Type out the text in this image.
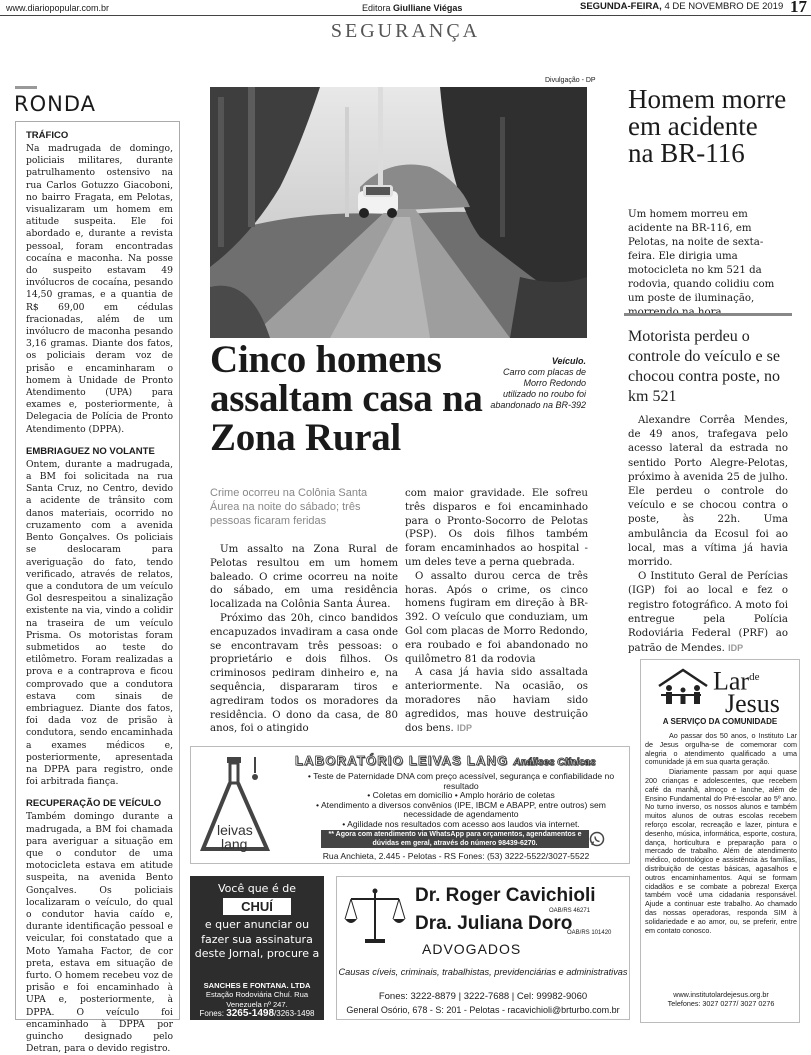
www.diariopopular.com.br	Editora Giulliane Viégas	SEGUNDA-FEIRA, 4 DE NOVEMBRO DE 2019 17
SEGURANÇA
RONDA
TRÁFICO
Na madrugada de domingo, policiais militares, durante patrulhamento ostensivo na rua Carlos Gotuzzo Giacoboni, no bairro Fragata, em Pelotas, visualizaram um homem em atitude suspeita. Ele foi abordado e, durante a revista pessoal, foram encontradas cocaína e maconha. Na posse do suspeito estavam 49 invólucros de cocaína, pesando 14,50 gramas, e a quantia de R$ 69,00 em cédulas fracionadas, além de um invólucro de maconha pesando 3,16 gramas. Diante dos fatos, os policiais deram voz de prisão e encaminharam o homem à Unidade de Pronto Atendimento (UPA) para exames e, posteriormente, à Delegacia de Polícia de Pronto Atendimento (DPPA).
EMBRIAGUEZ NO VOLANTE
Ontem, durante a madrugada, a BM foi solicitada na rua Santa Cruz, no Centro, devido a acidente de trânsito com danos materiais, ocorrido no cruzamento com a avenida Bento Gonçalves. Os policiais se deslocaram para averiguação do fato, tendo verificado, através de relatos, que a condutora de um veículo Gol desrespeitou a sinalização existente na via, vindo a colidir na traseira de um veículo Prisma. Os motoristas foram submetidos ao teste do etilômetro. Foram realizadas a prova e a contraprova e ficou comprovado que a condutora estava com sinais de embriaguez. Diante dos fatos, foi dada voz de prisão à condutora, sendo encaminhada a exames médicos e, posteriormente, apresentada na DPPA para registro, onde foi arbitrada fiança.
RECUPERAÇÃO DE VEÍCULO
Também domingo durante a madrugada, a BM foi chamada para averiguar a situação em que o condutor de uma motocicleta estava em atitude suspeita, na avenida Bento Gonçalves. Os policiais localizaram o veículo, do qual o condutor havia caído e, durante identificação pessoal e veicular, foi constatado que a Moto Yamaha Factor, de cor preta, estava em situação de furto. O homem recebeu voz de prisão e foi encaminhado à UPA e, posteriormente, à DPPA. O veículo foi encaminhado à DPPA por guincho designado pelo Detran, para o devido registro.
Divulgação - DP
Veículo.
Carro com placas de Morro Redondo utilizado no roubo foi abandonado na BR-392
Cinco homens assaltam casa na Zona Rural
Crime ocorreu na Colônia Santa Áurea na noite do sábado; três pessoas ficaram feridas

Um assalto na Zona Rural de Pelotas resultou em um homem baleado. O crime ocorreu na noite do sábado, em uma residência localizada na Colônia Santa Áurea.

Próximo das 20h, cinco bandidos encapuzados invadiram a casa onde se encontravam três pessoas: o proprietário e dois filhos. Os criminosos pediram dinheiro e, na sequência, dispararam tiros e agrediram todos os moradores da residência. O dono da casa, de 80 anos, foi o atingido

com maior gravidade. Ele sofreu três disparos e foi encaminhado para o Pronto-Socorro de Pelotas (PSP). Os dois filhos também foram encaminhados ao hospital - um deles teve a perna quebrada.

O assalto durou cerca de três horas. Após o crime, os cinco homens fugiram em direção à BR-392. O veículo que conduziam, um Gol com placas de Morro Redondo, era roubado e foi abandonado no quilômetro 81 da rodovia

A casa já havia sido assaltada anteriormente. Na ocasião, os moradores não haviam sido agredidos, mas houve destruição dos bens. IDP

Homem morre em acidente na BR-116
Um homem morreu em acidente na BR-116, em Pelotas, na noite de sexta-feira. Ele dirigia uma motocicleta no km 521 da rodovia, quando colidiu com um poste de iluminação,
Motorista perdeu o controle do veículo e se chocou contra poste, no km 521

Alexandre Corrêa Mendes, de 49 anos, trafegava pelo acesso lateral da estrada no sentido Porto Alegre-Pelotas, próximo à avenida 25 de julho. Ele perdeu o controle do veículo e se chocou contra o poste, às 22h. Uma ambulância da Ecosul foi ao local, mas a vítima já havia morrido.

O Instituto Geral de Perícias (IGP) foi ao local e fez o registro fotográfico. A moto foi entregue pela Polícia Rodoviária Federal (PRF) ao patrão de Mendes. IDP

Lar$^{de}$
Jesus
A SERVIÇO DA COMUNIDADE

Ao passar dos 50 anos, o Instituto Lar de Jesus orgulha-se de comemorar com alegria o atendimento qualificado a uma comunidade já em sua quarta geração.

Diariamente passam por aqui quase 200 crianças e adolescentes, que recebem café da manhã, almoço e lanche, além de Ensino Fundamental do Pré-escolar ao 5º ano. No turno inverso, os nossos alunos e também muitos alunos de outras escolas recebem reforço escolar, recreação e lazer, pintura e desenho, música, informática, esporte, costura, dança, horticultura e preparação para o mercado de trabalho. Além de atendimento médico, odontológico e assistência às famílias, distribuição de cestas básicas, agasalhos e outros encaminhamentos. Aqui se formam cidadãos e se combate a pobreza! Exerça também você uma cidadania responsável. Ajude a continuar este trabalho. Ao chamado das nossas operadoras, responda SIM à solidariedade e ao amor, ou, se preferir, entre em contato conosco.

www.institutolardejesus.org.br
Telefones: 3027 0277/ 3027 0276
leivas
lang
LABORATÓRIO LEIVAS LANG Análises Clínicas
• Teste de Paternidade DNA com preço acessível, segurança e confiabilidade no resultado
• Coletas em domicílio • Amplo horário de coletas
• Atendimento a diversos convênios (IPE, IBCM e ABAPP, entre outros) sem necessidade de agendamento
• Agilidade nos resultados com acesso aos laudos via internet.
** Agora com atendimento via WhatsApp para orçamentos, agendamentos e dúvidas em geral, através do número 98439-6270.
Rua Anchieta, 2.445 - Pelotas - RS Fones: (53) 3222-5522/3027-5522
Você que é de
CHUÍ
e quer anunciar ou fazer sua assinatura deste Jornal, procure a
SANCHES E FONTANA. LTDA
Estação Rodoviária Chuí. Rua Venezuela nº 247.
Fones: 3265-1498/3263-1498
Dr. Roger Cavichioli
OAB/RS 46271
Dra. Juliana Doro
OAB/RS 101420
ADVOGADOS
Causas cíveis, criminais, trabalhistas, previdenciárias e administrativas
Fones: 3222-8879 | 3222-7688 | Cel: 99982-9060
General Osório, 678 - S: 201 - Pelotas - racavichioli@brturbo.com.br
